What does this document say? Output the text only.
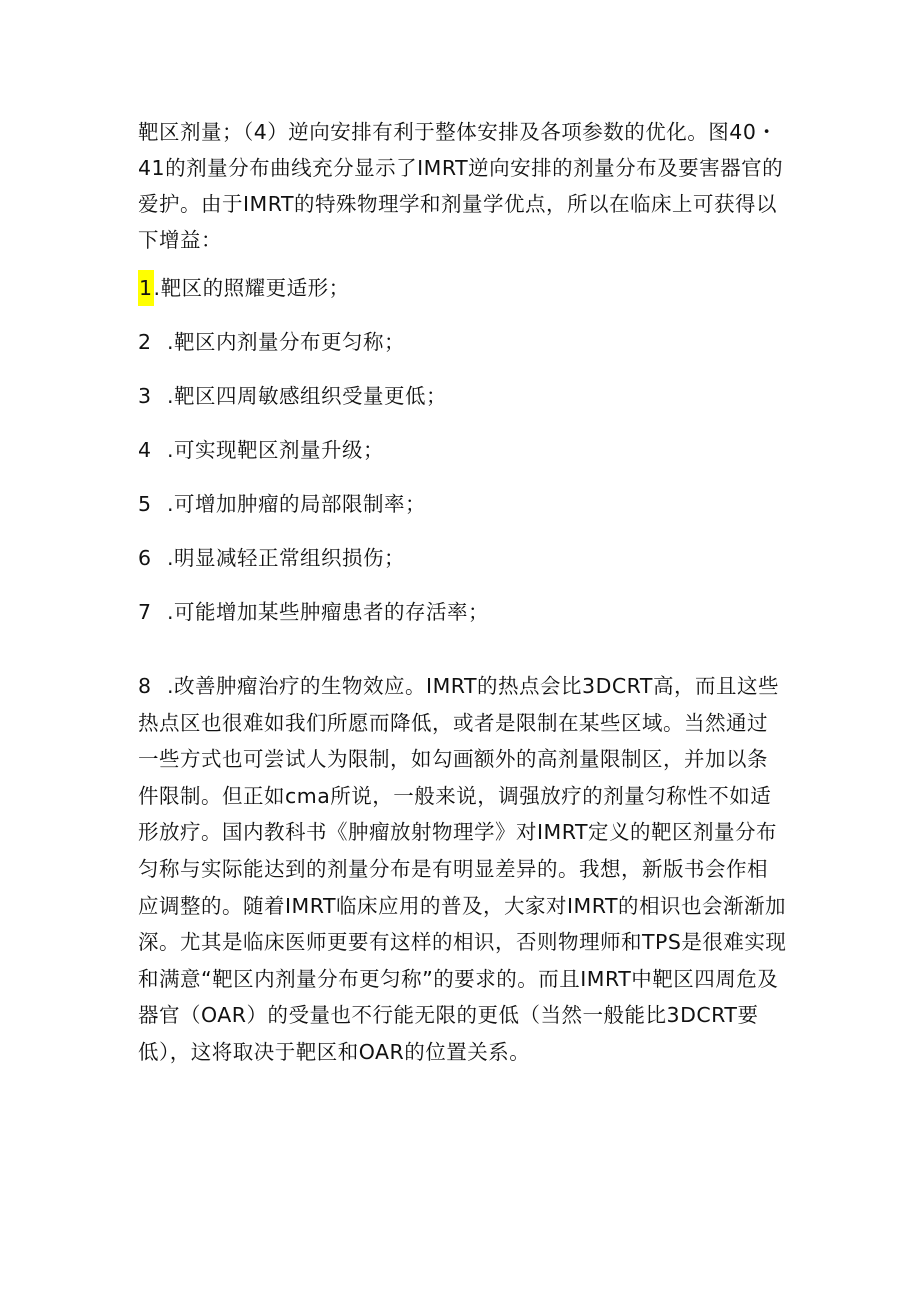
靶区剂量；（4）逆向安排有利于整体安排及各项参数的优化。图40・41的剂量分布曲线充分显示了IMRT逆向安排的剂量分布及要害器官的爱护。由于IMRT的特殊物理学和剂量学优点，所以在临床上可获得以下增益：

1.靶区的照耀更适形；

2 .靶区内剂量分布更匀称；

3 .靶区四周敏感组织受量更低；

4 .可实现靶区剂量升级；

5 .可增加肿瘤的局部限制率；

6 .明显减轻正常组织损伤；

7 .可能增加某些肿瘤患者的存活率；

8 .改善肿瘤治疗的生物效应。IMRT的热点会比3DCRT高，而且这些热点区也很难如我们所愿而降低，或者是限制在某些区域。当然通过一些方式也可尝试人为限制，如勾画额外的高剂量限制区，并加以条件限制。但正如cma所说，一般来说，调强放疗的剂量匀称性不如适形放疗。国内教科书《肿瘤放射物理学》对IMRT定义的靶区剂量分布匀称与实际能达到的剂量分布是有明显差异的。我想，新版书会作相应调整的。随着IMRT临床应用的普及，大家对IMRT的相识也会渐渐加深。尤其是临床医师更要有这样的相识，否则物理师和TPS是很难实现和满意“靶区内剂量分布更匀称”的要求的。而且IMRT中靶区四周危及器官（OAR）的受量也不行能无限的更低（当然一般能比3DCRT要低），这将取决于靶区和OAR的位置关系。
